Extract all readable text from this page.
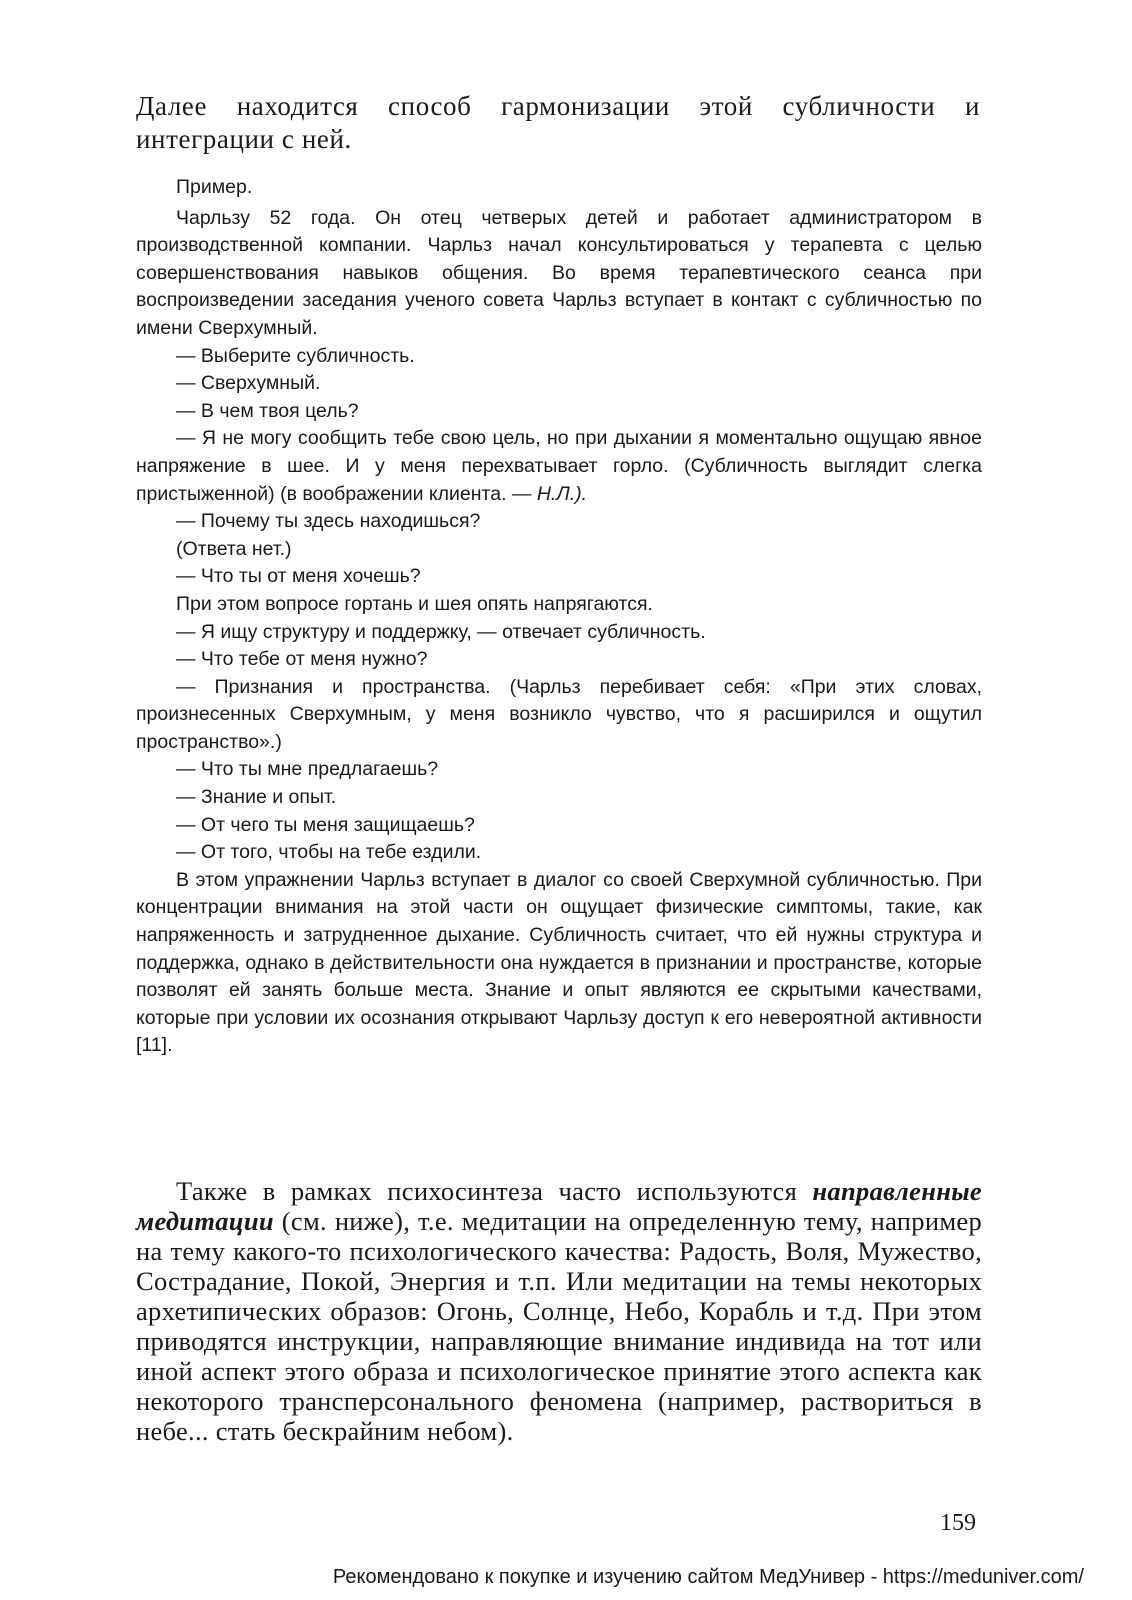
Далее находится способ гармонизации этой субличности и интеграции с ней.

Пример.

Чарльзу 52 года. Он отец четверых детей и работает администратором в производственной компании. Чарльз начал консультироваться у терапевта с целью совершенствования навыков общения. Во время терапевтического сеанса при воспроизведении заседания ученого совета Чарльз вступает в контакт с субличностью по имени Сверхумный.

— Выберите субличность.

— Сверхумный.

— В чем твоя цель?

— Я не могу сообщить тебе свою цель, но при дыхании я моментально ощущаю явное напряжение в шее. И у меня перехватывает горло. (Субличность выглядит слегка пристыженной) (в воображении клиента. — Н.Л.).

— Почему ты здесь находишься?

(Ответа нет.)

— Что ты от меня хочешь?

При этом вопросе гортань и шея опять напрягаются.

— Я ищу структуру и поддержку, — отвечает субличность.

— Что тебе от меня нужно?

— Признания и пространства. (Чарльз перебивает себя: «При этих словах, произнесенных Сверхумным, у меня возникло чувство, что я расширился и ощутил пространство».)

— Что ты мне предлагаешь?

— Знание и опыт.

— От чего ты меня защищаешь?

— От того, чтобы на тебе ездили.

В этом упражнении Чарльз вступает в диалог со своей Сверхумной субличностью. При концентрации внимания на этой части он ощущает физические симптомы, такие, как напряженность и затрудненное дыхание. Субличность считает, что ей нужны структура и поддержка, однако в действительности она нуждается в признании и пространстве, которые позволят ей занять больше места. Знание и опыт являются ее скрытыми качествами, которые при условии их осознания открывают Чарльзу доступ к его невероятной активности [11].

Также в рамках психосинтеза часто используются направленные медитации (см. ниже), т.е. медитации на определенную тему, например на тему какого-то психологического качества: Радость, Воля, Мужество, Сострадание, Покой, Энергия и т.п. Или медитации на темы некоторых архетипических образов: Огонь, Солнце, Небо, Корабль и т.д. При этом приводятся инструкции, направляющие внимание индивида на тот или иной аспект этого образа и психологическое принятие этого аспекта как некоторого трансперсонального феномена (например, раствориться в небе... стать бескрайним небом).

159
Рекомендовано к покупке и изучению сайтом МедУнивер - https://meduniver.com/
